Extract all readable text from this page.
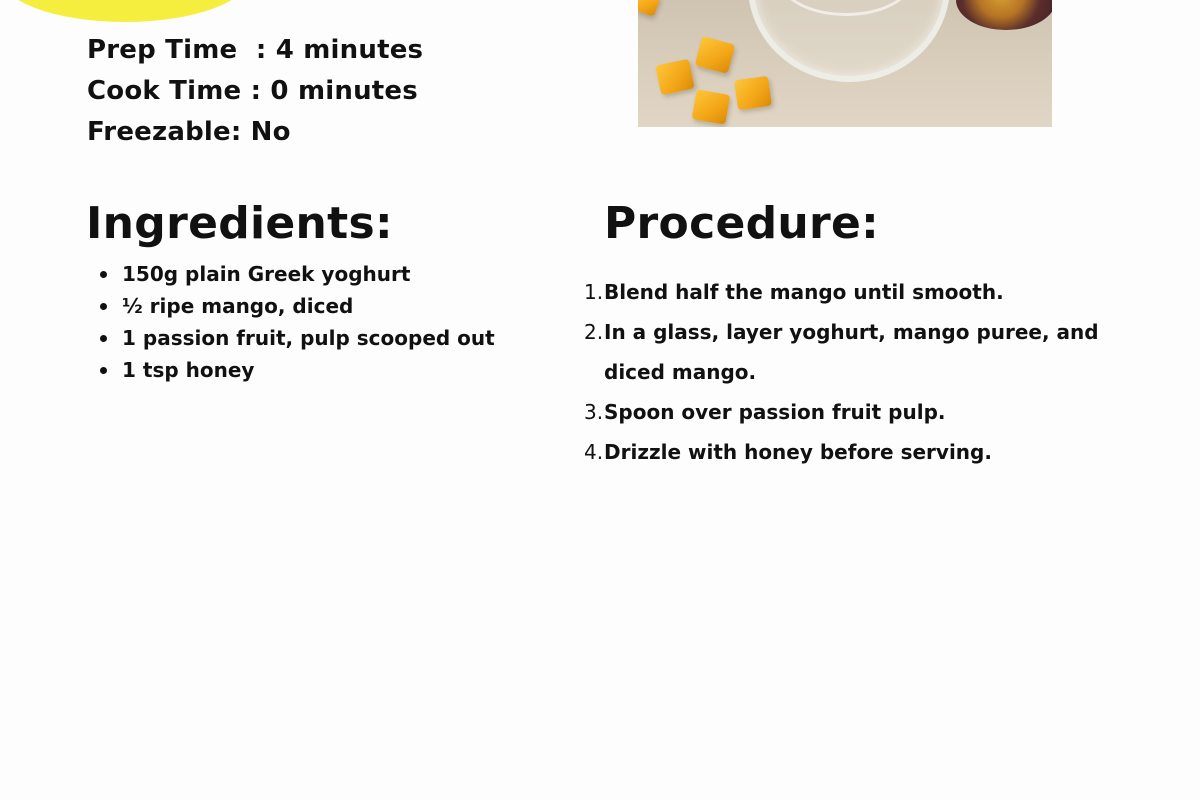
Prep Time  : 4 minutes
Cook Time : 0 minutes
Freezable: No
Ingredients:
150g plain Greek yoghurt
½ ripe mango, diced
1 passion fruit, pulp scooped out
1 tsp honey
Procedure:
1. Blend half the mango until smooth.
2. In a glass, layer yoghurt, mango puree, and diced mango.
3. Spoon over passion fruit pulp.
4. Drizzle with honey before serving.
